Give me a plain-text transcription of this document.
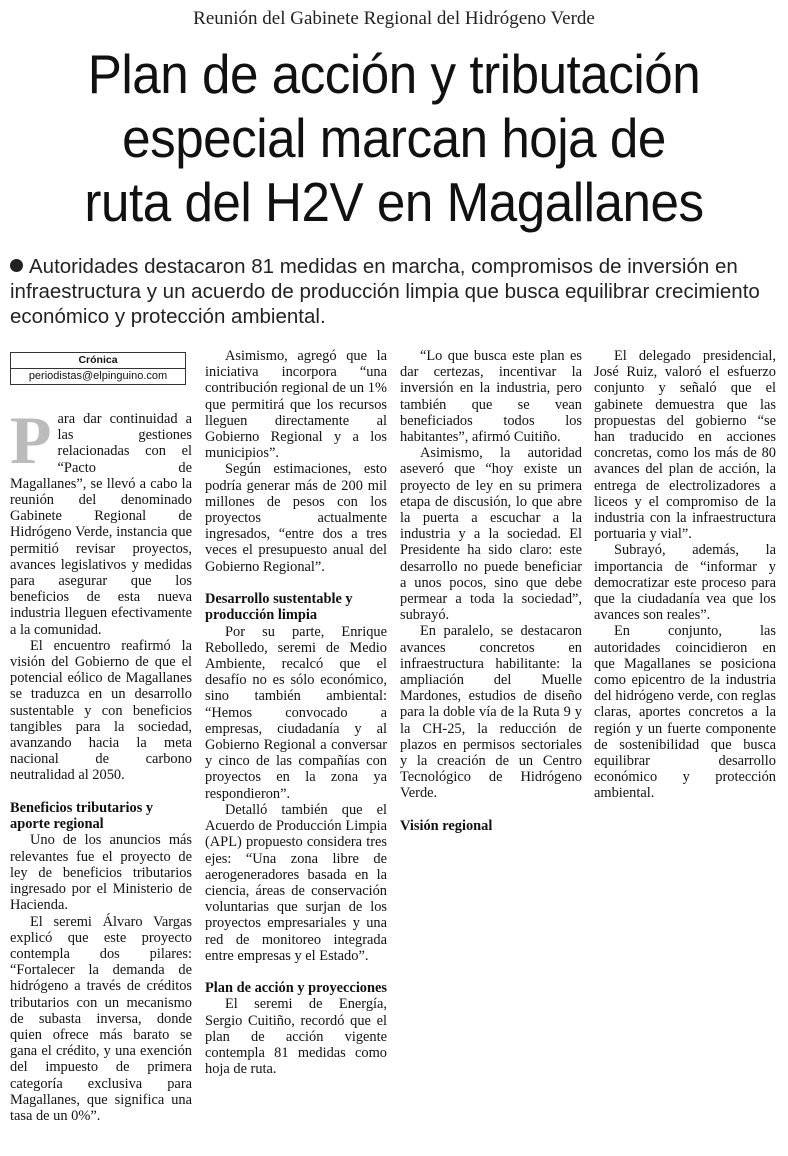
Reunión del Gabinete Regional del Hidrógeno Verde
Plan de acción y tributación
especial marcan hoja de
ruta del H2V en Magallanes
Autoridades destacaron 81 medidas en marcha, compromisos de inversión en infraestructura y un acuerdo de producción limpia que busca equilibrar crecimiento económico y protección ambiental.
Crónica
periodistas@elpinguino.com

Para dar continuidad a las gestiones relacionadas con el “Pacto de Magallanes”, se llevó a cabo la reunión del denominado Gabinete Regional de Hidrógeno Verde, instancia que permitió revisar proyectos, avances legislativos y medidas para asegurar que los beneficios de esta nueva industria lleguen efectivamente a la comunidad.

El encuentro reafirmó la visión del Gobierno de que el potencial eólico de Magallanes se traduzca en un desarrollo sustentable y con beneficios tangibles para la sociedad, avanzando hacia la meta nacional de carbono neutralidad al 2050.

Beneficios tributarios y aporte regional

Uno de los anuncios más relevantes fue el proyecto de ley de beneficios tributarios ingresado por el Ministerio de Hacienda.

El seremi Álvaro Vargas explicó que este proyecto contempla dos pilares: “Fortalecer la demanda de hidrógeno a través de créditos tributarios con un mecanismo de subasta inversa, donde quien ofrece más barato se gana el crédito, y una exención del impuesto de primera categoría exclusiva para Magallanes, que significa una tasa de un 0%”.

Asimismo, agregó que la iniciativa incorpora “una contribución regional de un 1% que permitirá que los recursos lleguen directamente al Gobierno Regional y a los municipios”.

Según estimaciones, esto podría generar más de 200 mil millones de pesos con los proyectos actualmente ingresados, “entre dos a tres veces el presupuesto anual del Gobierno Regional”.

Desarrollo sustentable y producción limpia

Por su parte, Enrique Rebolledo, seremi de Medio Ambiente, recalcó que el desafío no es sólo económico, sino también ambiental: “Hemos convocado a empresas, ciudadanía y al Gobierno Regional a conversar y cinco de las compañías con proyectos en la zona ya respondieron”.

Detalló también que el Acuerdo de Producción Limpia (APL) propuesto considera tres ejes: “Una zona libre de aerogeneradores basada en la ciencia, áreas de conservación voluntarias que surjan de los proyectos empresariales y una red de monitoreo integrada entre empresas y el Estado”.

Plan de acción y proyecciones

El seremi de Energía, Sergio Cuitiño, recordó que el plan de acción vigente contempla 81 medidas como hoja de ruta.

“Lo que busca este plan es dar certezas, incentivar la inversión en la industria, pero también que se vean beneficiados todos los habitantes”, afirmó Cuitiño.

Asimismo, la autoridad aseveró que “hoy existe un proyecto de ley en su primera etapa de discusión, lo que abre la puerta a escuchar a la industria y a la sociedad. El Presidente ha sido claro: este desarrollo no puede beneficiar a unos pocos, sino que debe permear a toda la sociedad”, subrayó.

En paralelo, se destacaron avances concretos en infraestructura habilitante: la ampliación del Muelle Mardones, estudios de diseño para la doble vía de la Ruta 9 y la CH-25, la reducción de plazos en permisos sectoriales y la creación de un Centro Tecnológico de Hidrógeno Verde.

Visión regional

El delegado presidencial, José Ruiz, valoró el esfuerzo conjunto y señaló que el gabinete demuestra que las propuestas del gobierno “se han traducido en acciones concretas, como los más de 80 avances del plan de acción, la entrega de electrolizadores a liceos y el compromiso de la industria con la infraestructura portuaria y vial”.

Subrayó, además, la importancia de “informar y democratizar este proceso para que la ciudadanía vea que los avances son reales”.

En conjunto, las autoridades coincidieron en que Magallanes se posiciona como epicentro de la industria del hidrógeno verde, con reglas claras, aportes concretos a la región y un fuerte componente de sostenibilidad que busca equilibrar desarrollo económico y protección ambiental.
